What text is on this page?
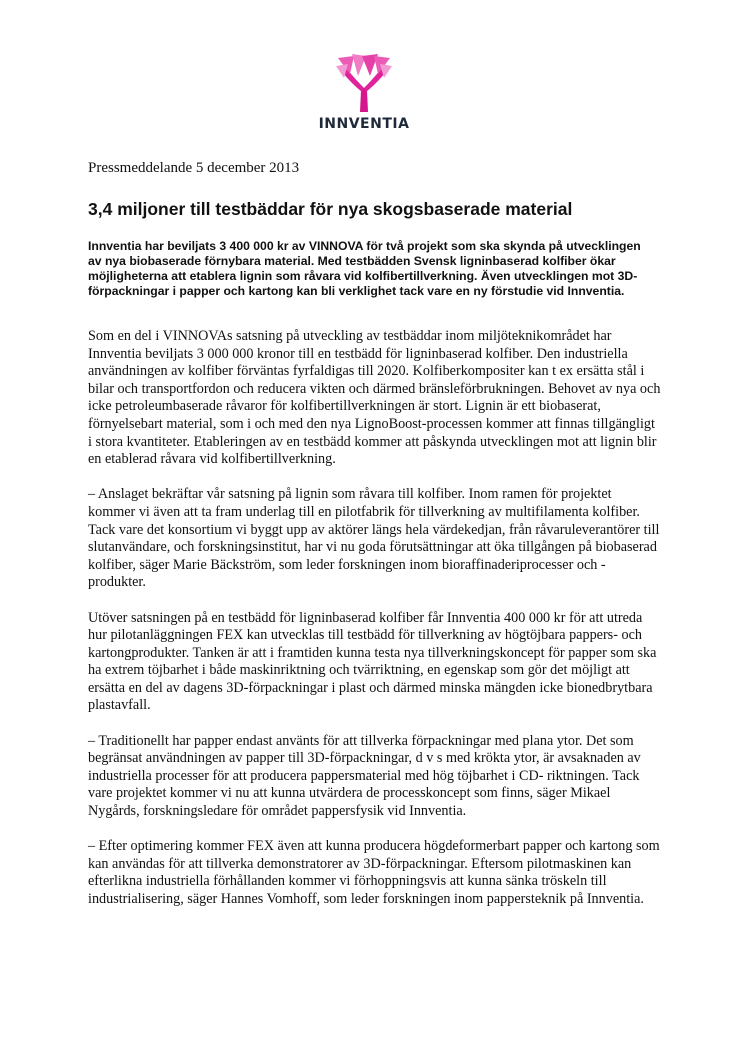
INNVENTIA
Pressmeddelande 5 december 2013
3,4 miljoner till testbäddar för nya skogsbaserade material
Innventia har beviljats 3 400 000 kr av VINNOVA för två projekt som ska skynda på utvecklingen av nya biobaserade förnybara material. Med testbädden Svensk ligninbaserad kolfiber ökar möjligheterna att etablera lignin som råvara vid kolfibertillverkning. Även utvecklingen mot 3D-förpackningar i papper och kartong kan bli verklighet tack vare en ny förstudie vid Innventia.

Som en del i VINNOVAs satsning på utveckling av testbäddar inom miljöteknikområdet har Innventia beviljats 3 000 000 kronor till en testbädd för ligninbaserad kolfiber. Den industriella användningen av kolfiber förväntas fyrfaldigas till 2020. Kolfiberkompositer kan t ex ersätta stål i bilar och transportfordon och reducera vikten och därmed bränsleförbrukningen. Behovet av nya och icke petroleumbaserade råvaror för kolfibertillverkningen är stort. Lignin är ett biobaserat, förnyelsebart material, som i och med den nya LignoBoost-processen kommer att finnas tillgängligt i stora kvantiteter. Etableringen av en testbädd kommer att påskynda utvecklingen mot att lignin blir en etablerad råvara vid kolfibertillverkning.

– Anslaget bekräftar vår satsning på lignin som råvara till kolfiber. Inom ramen för projektet kommer vi även att ta fram underlag till en pilotfabrik för tillverkning av multifilamenta kolfiber. Tack vare det konsortium vi byggt upp av aktörer längs hela värdekedjan, från råvaruleverantörer till slutanvändare, och forskningsinstitut, har vi nu goda förutsättningar att öka tillgången på biobaserad kolfiber, säger Marie Bäckström, som leder forskningen inom bioraffinaderiprocesser och -produkter.

Utöver satsningen på en testbädd för ligninbaserad kolfiber får Innventia 400 000 kr för att utreda hur pilotanläggningen FEX kan utvecklas till testbädd för tillverkning av högtöjbara pappers- och kartongprodukter. Tanken är att i framtiden kunna testa nya tillverkningskoncept för papper som ska ha extrem töjbarhet i både maskinriktning och tvärriktning, en egenskap som gör det möjligt att ersätta en del av dagens 3D-förpackningar i plast och därmed minska mängden icke bionedbrytbara plastavfall.

– Traditionellt har papper endast använts för att tillverka förpackningar med plana ytor. Det som begränsat användningen av papper till 3D-förpackningar, d v s med krökta ytor, är avsaknaden av industriella processer för att producera pappersmaterial med hög töjbarhet i CD- riktningen. Tack vare projektet kommer vi nu att kunna utvärdera de processkoncept som finns, säger Mikael Nygårds, forskningsledare för området pappersfysik vid Innventia.

– Efter optimering kommer FEX även att kunna producera högdeformerbart papper och kartong som kan användas för att tillverka demonstratorer av 3D-förpackningar. Eftersom pilotmaskinen kan efterlikna industriella förhållanden kommer vi förhoppningsvis att kunna sänka tröskeln till industrialisering, säger Hannes Vomhoff, som leder forskningen inom pappersteknik på Innventia.
